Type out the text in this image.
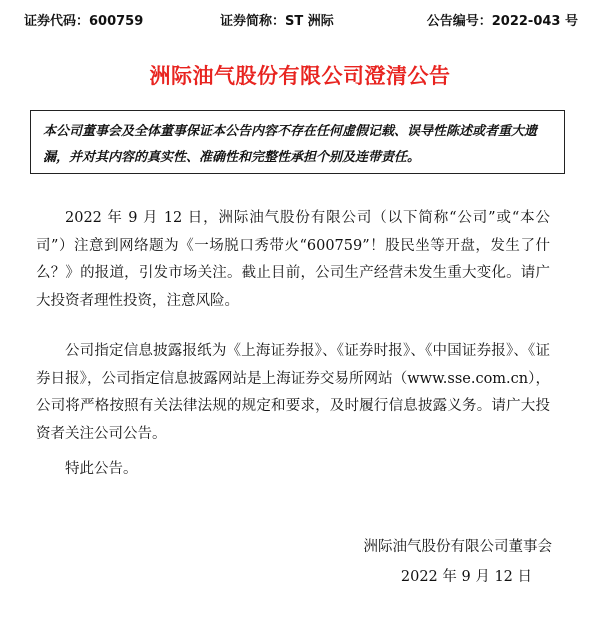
证券代码：600759	证券简称：ST 洲际	公告编号：2022-043 号
洲际油气股份有限公司澄清公告
本公司董事会及全体董事保证本公告内容不存在任何虚假记载、误导性陈述或者重大遗漏，并对其内容的真实性、准确性和完整性承担个别及连带责任。
2022 年 9 月 12 日，洲际油气股份有限公司（以下简称“公司”或“本公司”）注意到网络题为《一场脱口秀带火“600759”！股民坐等开盘，发生了什么？》的报道，引发市场关注。截止目前，公司生产经营未发生重大变化。请广大投资者理性投资，注意风险。
公司指定信息披露报纸为《上海证券报》、《证券时报》、《中国证券报》、《证券日报》，公司指定信息披露网站是上海证券交易所网站（www.sse.com.cn），公司将严格按照有关法律法规的规定和要求，及时履行信息披露义务。请广大投资者关注公司公告。
特此公告。
洲际油气股份有限公司董事会
2022 年 9 月 12 日
